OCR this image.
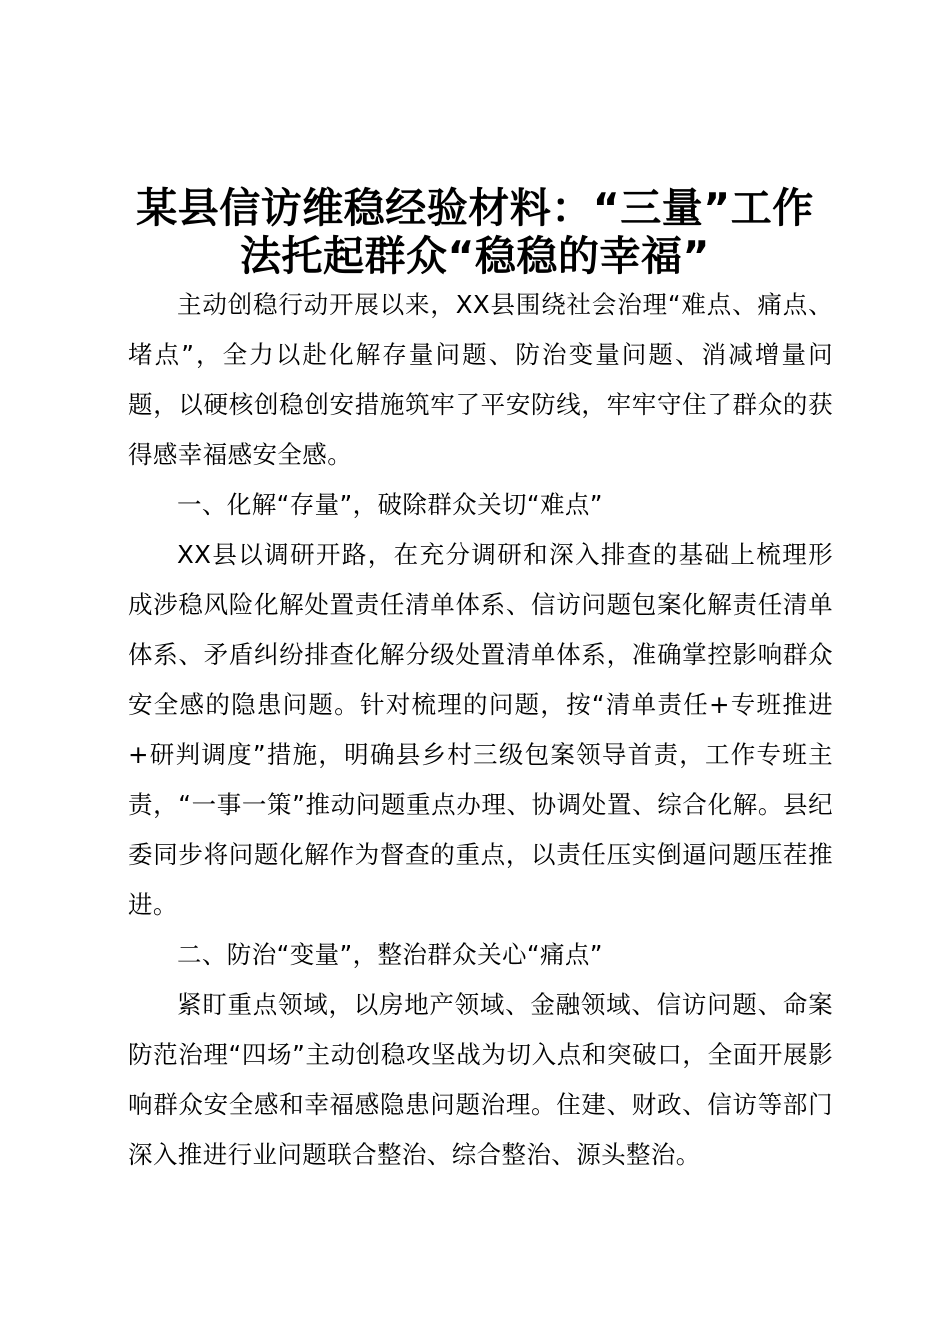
某县信访维稳经验材料：“三量”工作
法托起群众“稳稳的幸福”

主动创稳行动开展以来，XX县围绕社会治理“难点、痛点、堵点”，全力以赴化解存量问题、防治变量问题、消减增量问题，以硬核创稳创安措施筑牢了平安防线，牢牢守住了群众的获得感幸福感安全感。

一、化解“存量”，破除群众关切“难点”

XX县以调研开路，在充分调研和深入排查的基础上梳理形成涉稳风险化解处置责任清单体系、信访问题包案化解责任清单体系、矛盾纠纷排查化解分级处置清单体系，准确掌控影响群众安全感的隐患问题。针对梳理的问题，按“清单责任+专班推进+研判调度”措施，明确县乡村三级包案领导首责，工作专班主责，“一事一策”推动问题重点办理、协调处置、综合化解。县纪委同步将问题化解作为督查的重点，以责任压实倒逼问题压茬推进。

二、防治“变量”，整治群众关心“痛点”

紧盯重点领域，以房地产领域、金融领域、信访问题、命案防范治理“四场”主动创稳攻坚战为切入点和突破口，全面开展影响群众安全感和幸福感隐患问题治理。住建、财政、信访等部门深入推进行业问题联合整治、综合整治、源头整治。
